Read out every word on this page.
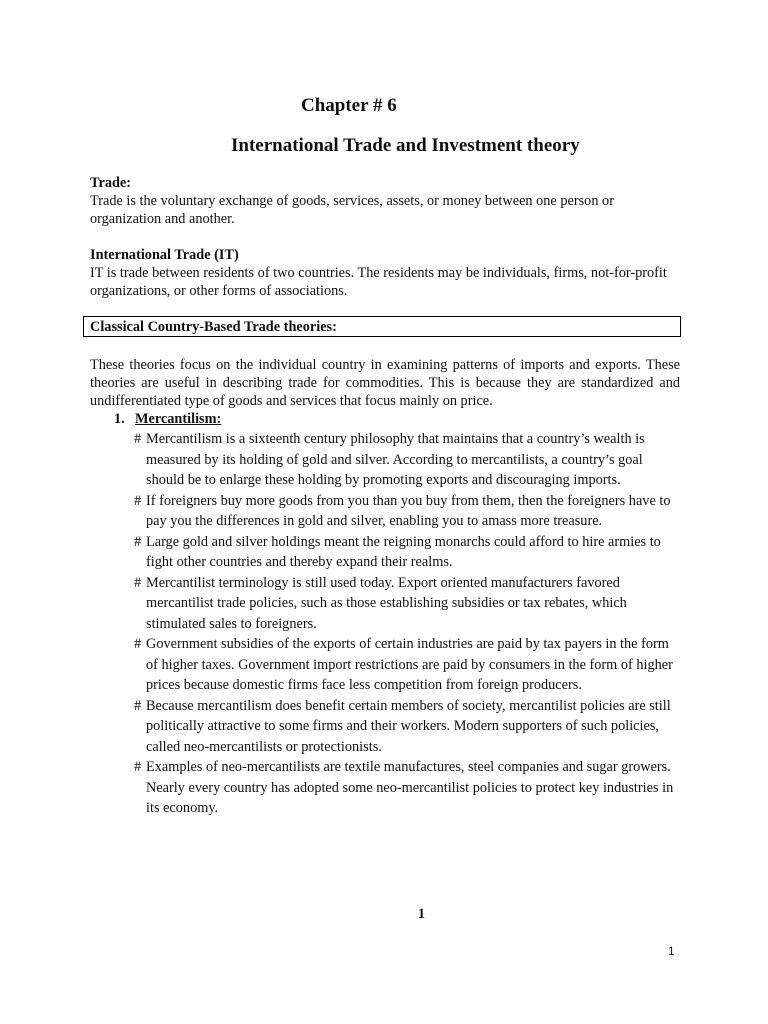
Chapter # 6
International Trade and Investment theory
Trade:
Trade is the voluntary exchange of goods, services, assets, or money between one person or organization and another.
International Trade (IT)
IT is trade between residents of two countries. The residents may be individuals, firms, not-for-profit organizations, or other forms of associations.
Classical Country-Based Trade theories:
These theories focus on the individual country in examining patterns of imports and exports. These theories are useful in describing trade for commodities. This is because they are standardized and undifferentiated type of goods and services that focus mainly on price.
1. Mercantilism:
# Mercantilism is a sixteenth century philosophy that maintains that a country’s wealth is measured by its holding of gold and silver. According to mercantilists, a country’s goal should be to enlarge these holding by promoting exports and discouraging imports.
# If foreigners buy more goods from you than you buy from them, then the foreigners have to pay you the differences in gold and silver, enabling you to amass more treasure.
# Large gold and silver holdings meant the reigning monarchs could afford to hire armies to fight other countries and thereby expand their realms.
# Mercantilist terminology is still used today. Export oriented manufacturers favored mercantilist trade policies, such as those establishing subsidies or tax rebates, which stimulated sales to foreigners.
# Government subsidies of the exports of certain industries are paid by tax payers in the form of higher taxes. Government import restrictions are paid by consumers in the form of higher prices because domestic firms face less competition from foreign producers.
# Because mercantilism does benefit certain members of society, mercantilist policies are still politically attractive to some firms and their workers. Modern supporters of such policies, called neo-mercantilists or protectionists.
# Examples of neo-mercantilists are textile manufactures, steel companies and sugar growers. Nearly every country has adopted some neo-mercantilist policies to protect key industries in its economy.
1
1
